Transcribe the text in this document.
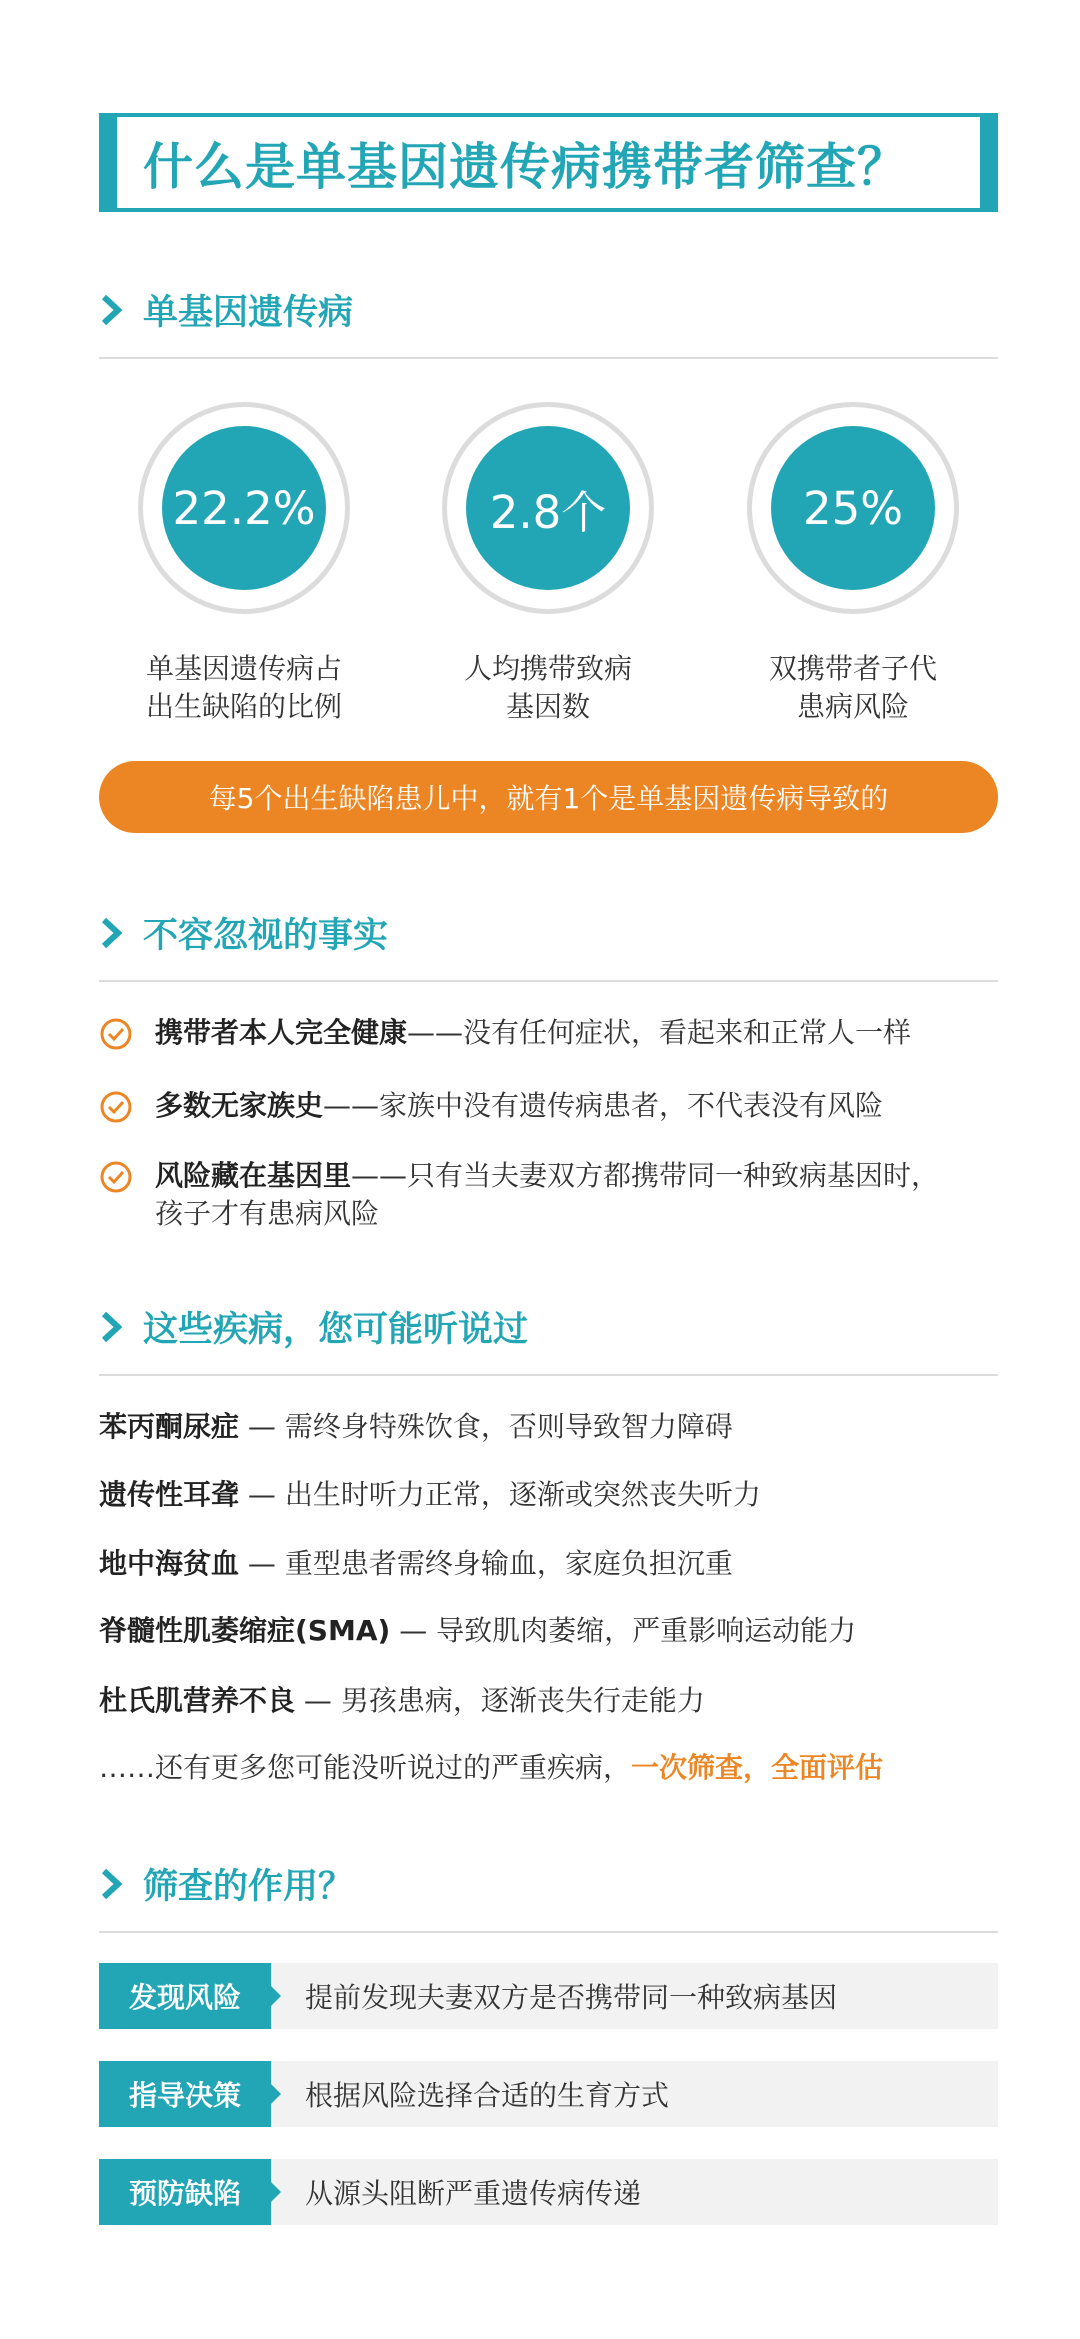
什么是单基因遗传病携带者筛查？
单基因遗传病
22.2%
单基因遗传病占
出生缺陷的比例
2.8个
人均携带致病
基因数
25%
双携带者子代
患病风险
每5个出生缺陷患儿中，就有1个是单基因遗传病导致的
不容忽视的事实
携带者本人完全健康——没有任何症状，看起来和正常人一样
多数无家族史——家族中没有遗传病患者，不代表没有风险
风险藏在基因里——只有当夫妻双方都携带同一种致病基因时，
孩子才有患病风险
这些疾病，您可能听说过
苯丙酮尿症 — 需终身特殊饮食，否则导致智力障碍
遗传性耳聋 — 出生时听力正常，逐渐或突然丧失听力
地中海贫血 — 重型患者需终身输血，家庭负担沉重
脊髓性肌萎缩症(SMA) — 导致肌肉萎缩，严重影响运动能力
杜氏肌营养不良 — 男孩患病，逐渐丧失行走能力
……还有更多您可能没听说过的严重疾病，一次筛查，全面评估
筛查的作用？
发现风险	提前发现夫妻双方是否携带同一种致病基因
指导决策	根据风险选择合适的生育方式
预防缺陷	从源头阻断严重遗传病传递
